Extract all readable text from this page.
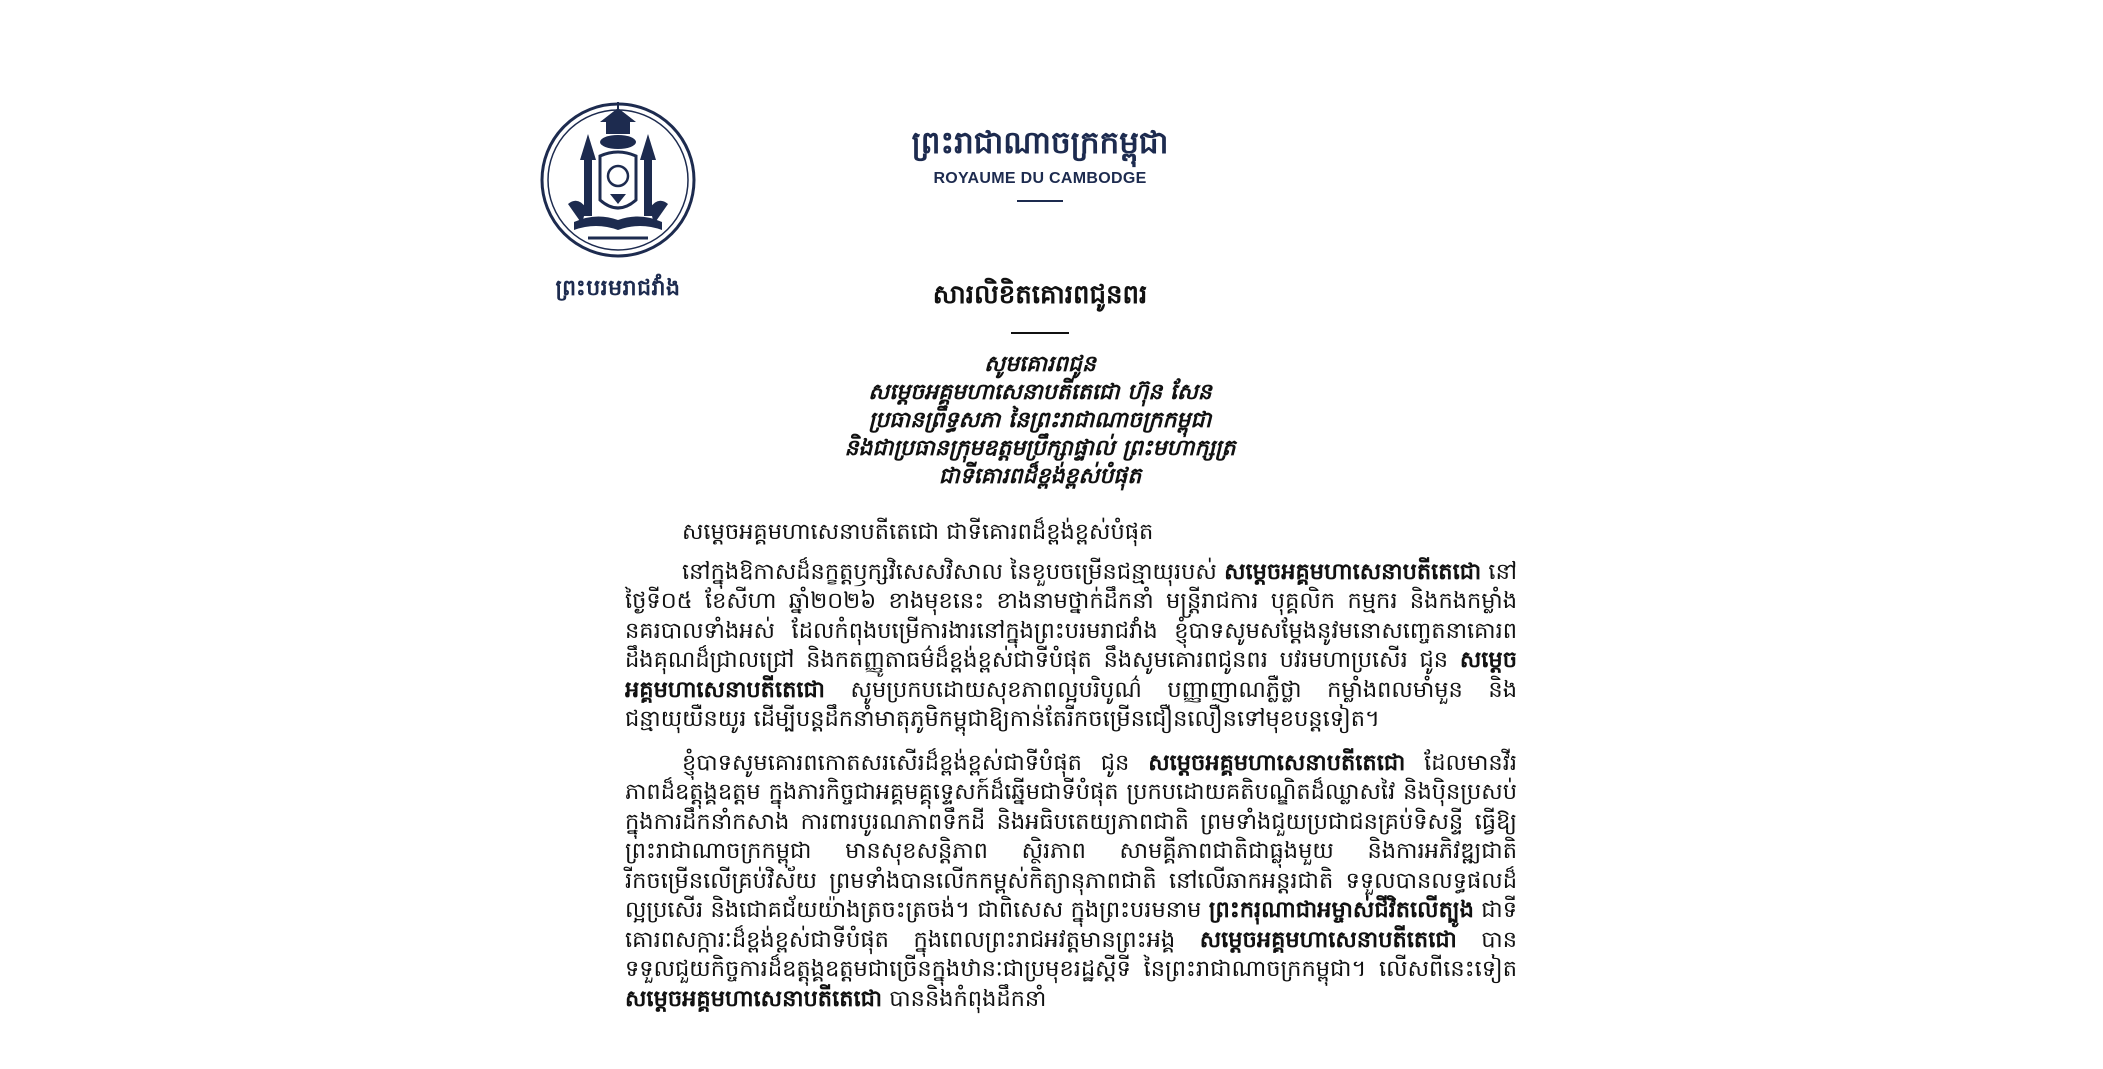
ព្រះបរមរាជវាំង
ព្រះរាជាណាចក្រកម្ពុជា
ROYAUME DU CAMBODGE
សារលិខិតគោរពជូនពរ
សូមគោរពជូន
សម្តេចអគ្គមហាសេនាបតីតេជោ ហ៊ុន សែន
ប្រធានព្រឹទ្ធសភា នៃព្រះរាជាណាចក្រកម្ពុជា
និងជាប្រធានក្រុមឧត្តមប្រឹក្សាផ្ទាល់ ព្រះមហាក្សត្រ
ជាទីគោរពដ៏ខ្ពង់ខ្ពស់បំផុត
សម្តេចអគ្គមហាសេនាបតីតេជោ ជាទីគោរពដ៏ខ្ពង់ខ្ពស់បំផុត

នៅក្នុងឱកាសដ៏នក្ខត្តឫក្សវិសេសវិសាល នៃខួបចម្រើនជន្មាយុរបស់ សម្តេចអគ្គមហាសេនាបតីតេជោ នៅថ្ងៃទី០៥ ខែសីហា ឆ្នាំ២០២៦ ខាងមុខនេះ ខាងនាមថ្នាក់ដឹកនាំ មន្ត្រីរាជការ បុគ្គលិក កម្មករ និងកងកម្លាំងនគរបាលទាំងអស់ ដែលកំពុងបម្រើការងារនៅក្នុងព្រះបរមរាជវាំង ខ្ញុំបាទសូមសម្តែងនូវមនោសញ្ចេតនាគោរពដឹងគុណដ៏ជ្រាលជ្រៅ និងកតញ្ញូតាធម៌ដ៏ខ្ពង់ខ្ពស់ជាទីបំផុត នឹងសូមគោរពជូនពរ បវរមហាប្រសើរ ជូន សម្តេចអគ្គមហាសេនាបតីតេជោ សូមប្រកបដោយសុខភាពល្អបរិបូណ៌ បញ្ញាញាណភ្លឺថ្លា កម្លាំងពលមាំមួន និងជន្មាយុយឺនយូរ ដើម្បីបន្តដឹកនាំមាតុភូមិកម្ពុជាឱ្យកាន់តែរីកចម្រើនជឿនលឿនទៅមុខបន្តទៀត។

ខ្ញុំបាទសូមគោរពកោតសរសើរដ៏ខ្ពង់ខ្ពស់ជាទីបំផុត ជូន សម្តេចអគ្គមហាសេនាបតីតេជោ ដែលមានវីរភាពដ៏ឧត្តុង្គឧត្តម ក្នុងភារកិច្ចជាអគ្គមគ្គុទ្ទេសក៍ដ៏ឆ្នើមជាទីបំផុត ប្រកបដោយគតិបណ្ឌិតដ៏ឈ្លាសវៃ និងប៉ិនប្រសប់ ក្នុងការដឹកនាំកសាង ការពារបូរណភាពទឹកដី និងអធិបតេយ្យភាពជាតិ ព្រមទាំងជួយប្រជាជនគ្រប់ទិសន្ទី ធ្វើឱ្យព្រះរាជាណាចក្រកម្ពុជា មានសុខសន្តិភាព ស្ថិរភាព សាមគ្គីភាពជាតិជាធ្លុងមួយ និងការអភិវឌ្ឍជាតិរីកចម្រើនលើគ្រប់វិស័យ ព្រមទាំងបានលើកកម្ពស់កិត្យានុភាពជាតិ នៅលើឆាកអន្តរជាតិ ទទួលបានលទ្ធផលដ៏ល្អប្រសើរ និងជោគជ័យយ៉ាងត្រចះត្រចង់។ ជាពិសេស ក្នុងព្រះបរមនាម ព្រះករុណាជាអម្ចាស់ជីវិតលើត្បូង ជាទីគោរពសក្ការៈដ៏ខ្ពង់ខ្ពស់ជាទីបំផុត ក្នុងពេលព្រះរាជអវត្តមានព្រះអង្គ សម្តេចអគ្គមហាសេនាបតីតេជោ បានទទួលជួយកិច្ចការដ៏ឧត្តុង្គឧត្តមជាច្រើនក្នុងឋានៈជាប្រមុខរដ្ឋស្តីទី នៃព្រះរាជាណាចក្រកម្ពុជា។ លើសពីនេះទៀត សម្តេចអគ្គមហាសេនាបតីតេជោ បាននិងកំពុងដឹកនាំ
